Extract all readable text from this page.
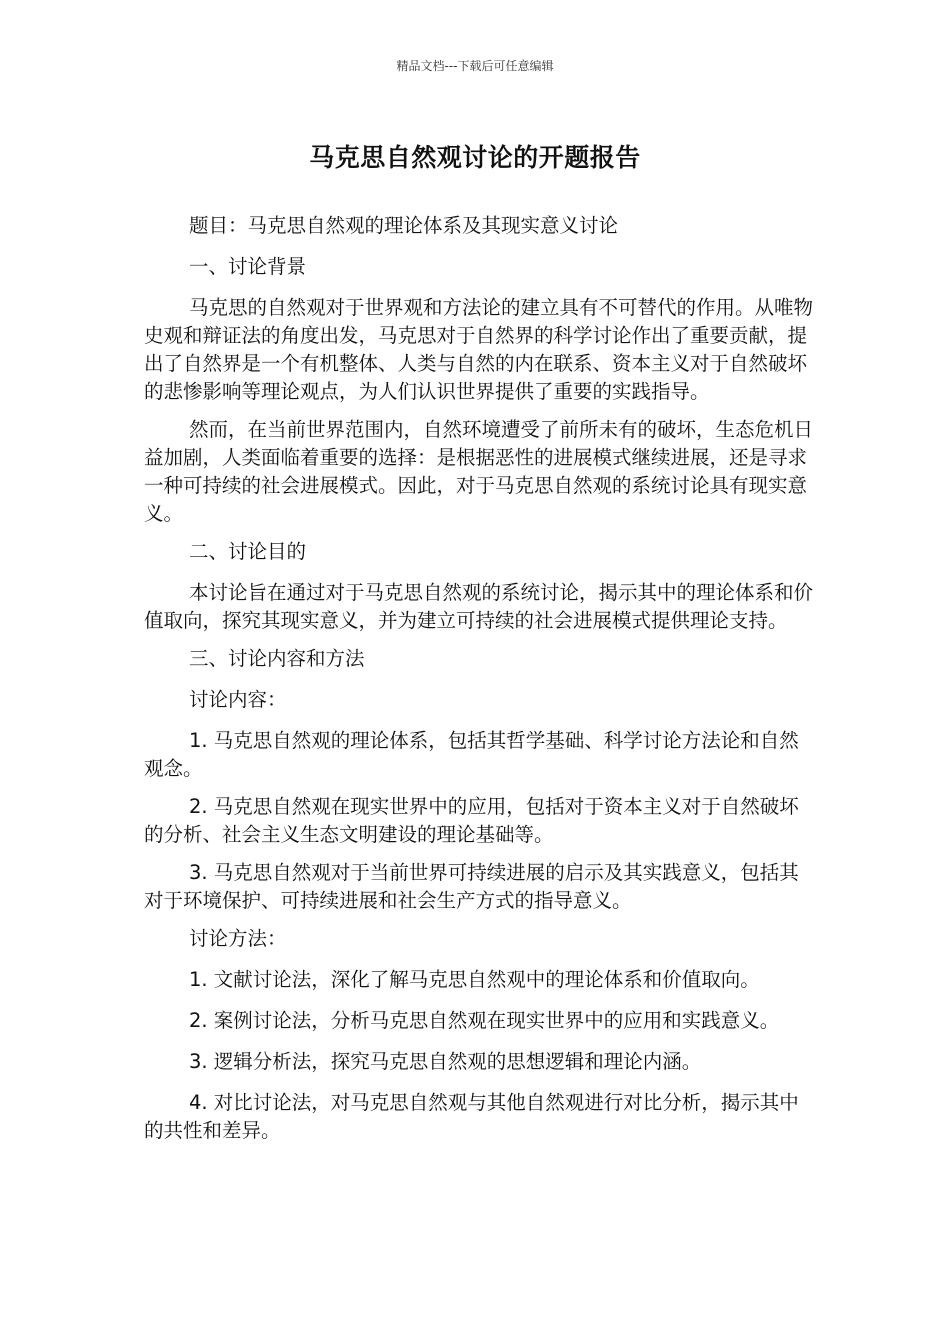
精品文档---下载后可任意编辑
马克思自然观讨论的开题报告

题目：马克思自然观的理论体系及其现实意义讨论

一、讨论背景

马克思的自然观对于世界观和方法论的建立具有不可替代的作用。从唯物史观和辩证法的角度出发，马克思对于自然界的科学讨论作出了重要贡献，提出了自然界是一个有机整体、人类与自然的内在联系、资本主义对于自然破坏的悲惨影响等理论观点，为人们认识世界提供了重要的实践指导。

然而，在当前世界范围内，自然环境遭受了前所未有的破坏，生态危机日益加剧，人类面临着重要的选择：是根据恶性的进展模式继续进展，还是寻求一种可持续的社会进展模式。因此，对于马克思自然观的系统讨论具有现实意义。

二、讨论目的

本讨论旨在通过对于马克思自然观的系统讨论，揭示其中的理论体系和价值取向，探究其现实意义，并为建立可持续的社会进展模式提供理论支持。

三、讨论内容和方法

讨论内容：

1. 马克思自然观的理论体系，包括其哲学基础、科学讨论方法论和自然观念。

2. 马克思自然观在现实世界中的应用，包括对于资本主义对于自然破坏的分析、社会主义生态文明建设的理论基础等。

3. 马克思自然观对于当前世界可持续进展的启示及其实践意义，包括其对于环境保护、可持续进展和社会生产方式的指导意义。

讨论方法：

1. 文献讨论法，深化了解马克思自然观中的理论体系和价值取向。

2. 案例讨论法，分析马克思自然观在现实世界中的应用和实践意义。

3. 逻辑分析法，探究马克思自然观的思想逻辑和理论内涵。

4. 对比讨论法，对马克思自然观与其他自然观进行对比分析，揭示其中的共性和差异。
